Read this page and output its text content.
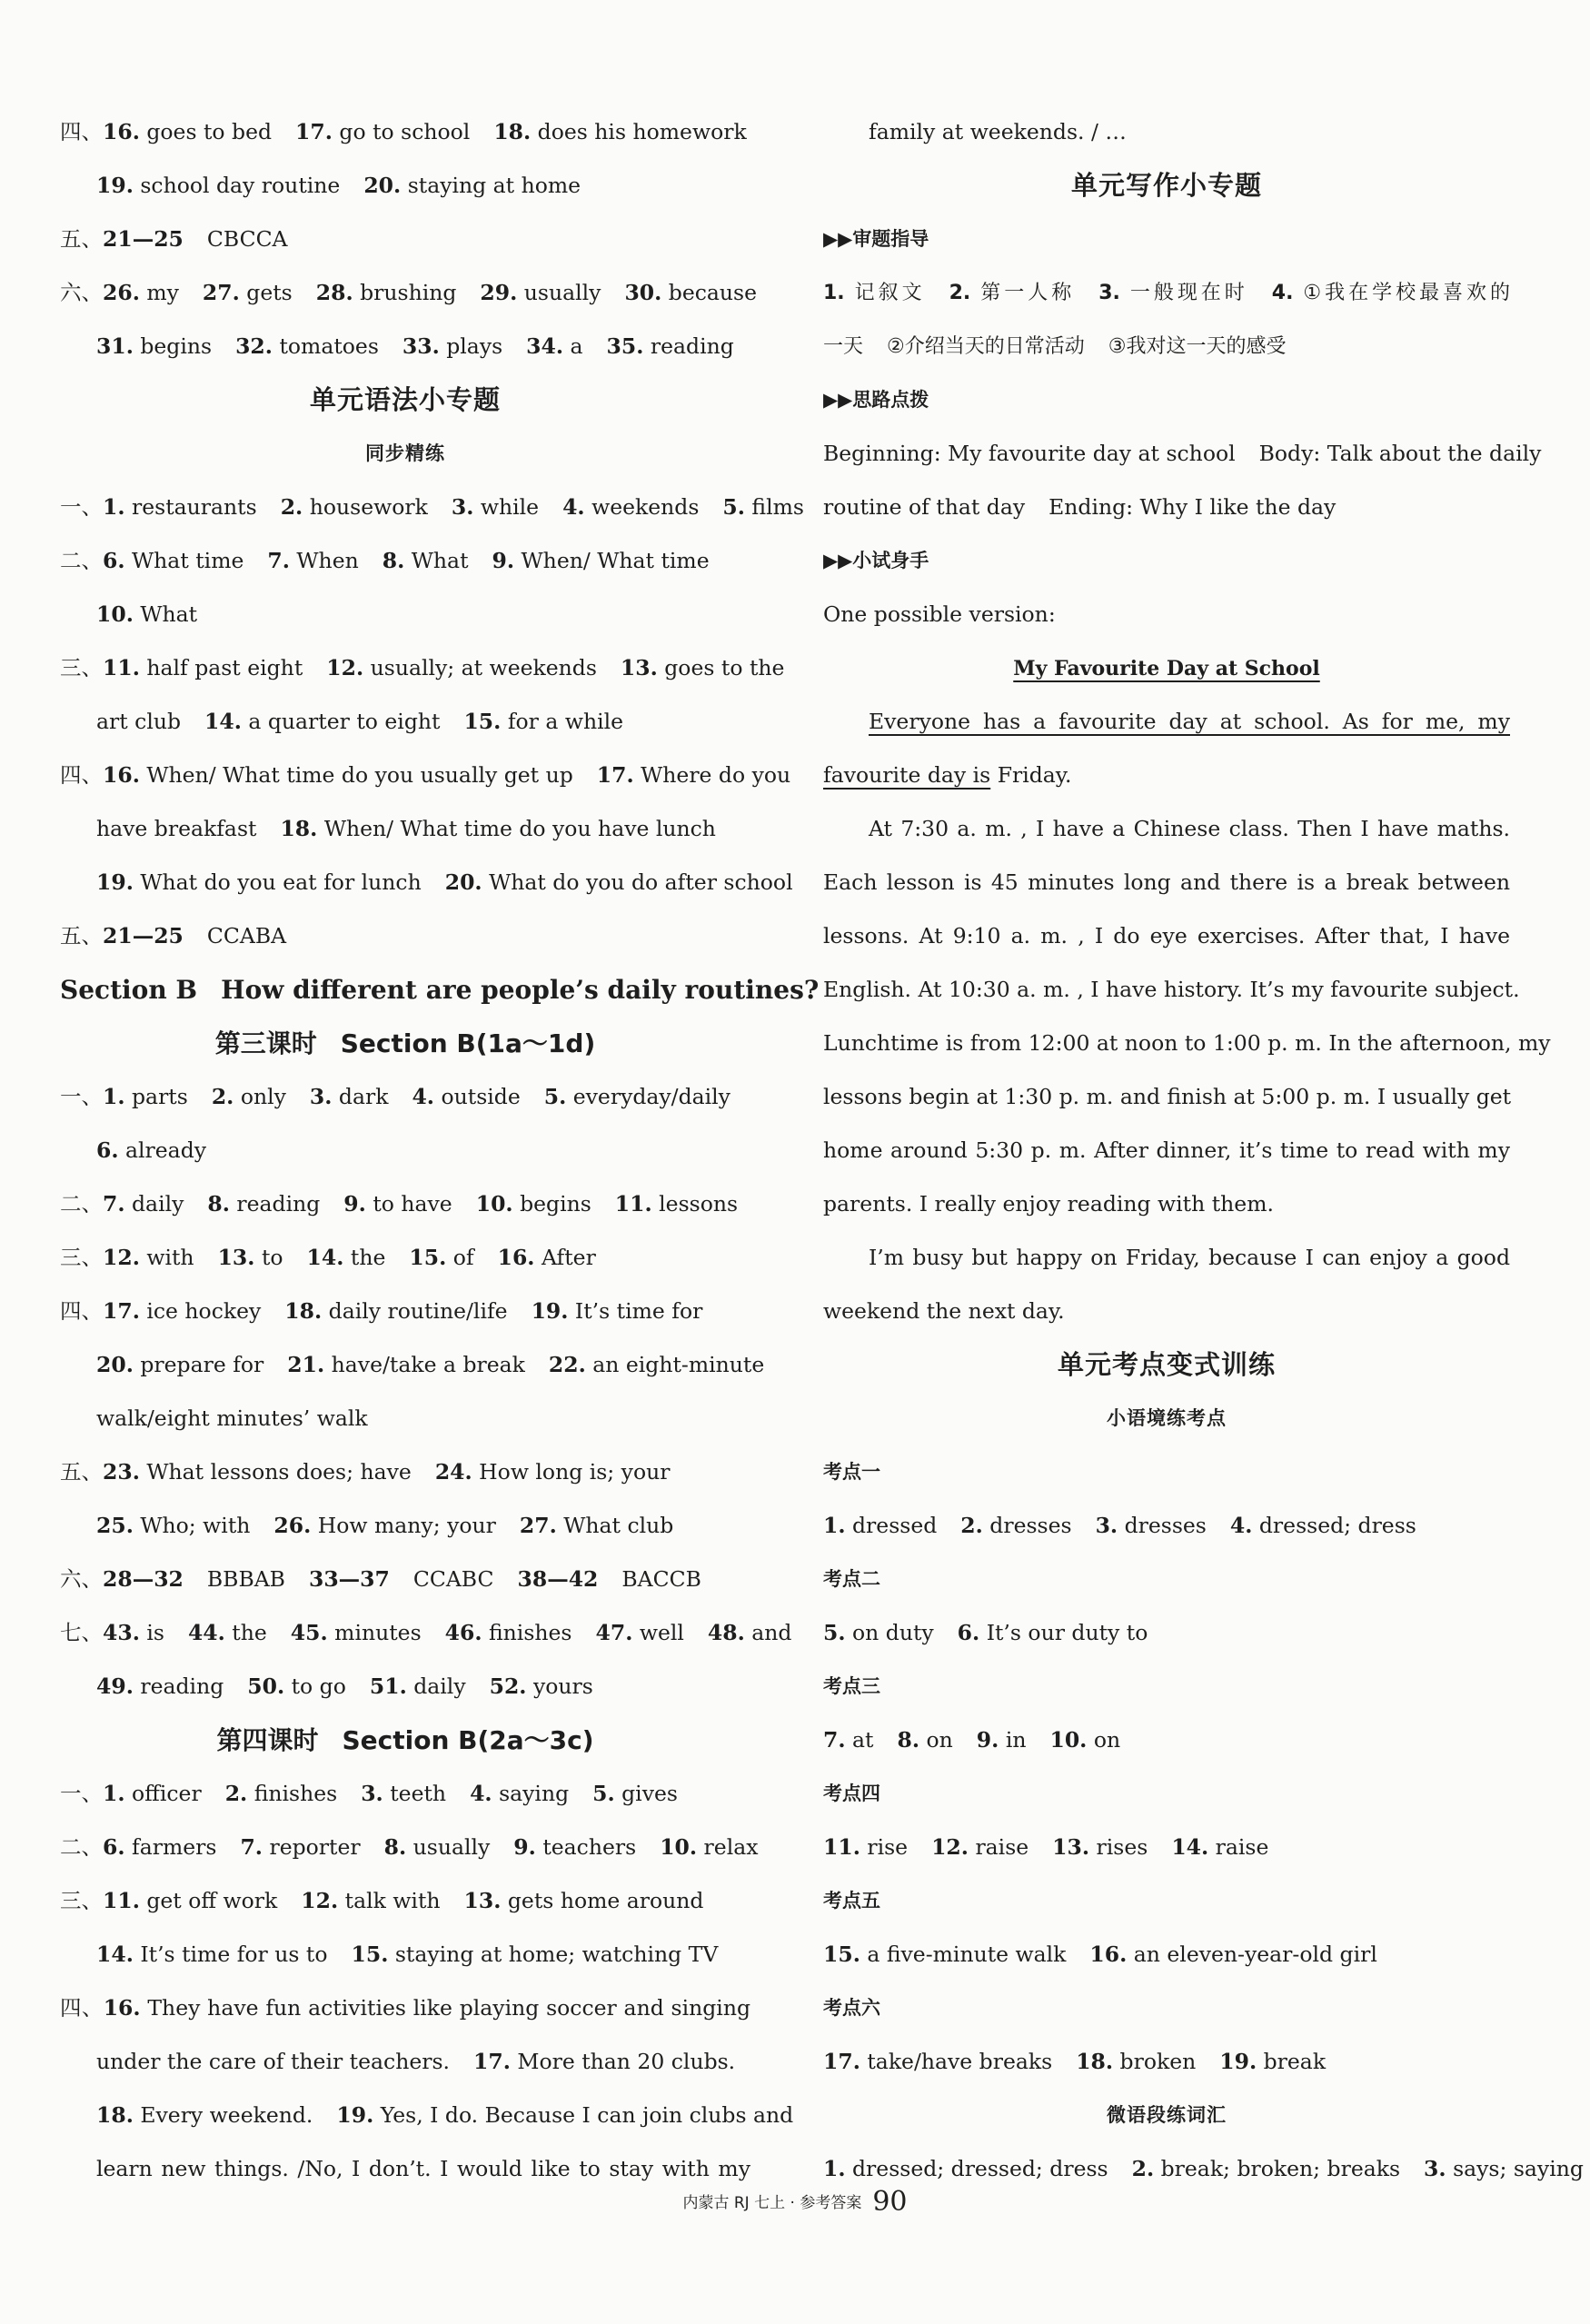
四、16. goes to bed 17. go to school 18. does his homework
19. school day routine 20. staying at home
五、21—25 CBCCA
六、26. my 27. gets 28. brushing 29. usually 30. because
31. begins 32. tomatoes 33. plays 34. a 35. reading
单元语法小专题
同步精练
一、1. restaurants 2. housework 3. while 4. weekends 5. films
二、6. What time 7. When 8. What 9. When/ What time
10. What
三、11. half past eight 12. usually; at weekends 13. goes to the
art club 14. a quarter to eight 15. for a while
四、16. When/ What time do you usually get up 17. Where do you
have breakfast 18. When/ What time do you have lunch
19. What do you eat for lunch 20. What do you do after school
五、21—25 CCABA
Section B How different are people’s daily routines?
第三课时 Section B(1a～1d)
一、1. parts 2. only 3. dark 4. outside 5. everyday/daily
6. already
二、7. daily 8. reading 9. to have 10. begins 11. lessons
三、12. with 13. to 14. the 15. of 16. After
四、17. ice hockey 18. daily routine/life 19. It’s time for
20. prepare for 21. have/take a break 22. an eight-minute
walk/eight minutes’ walk
五、23. What lessons does; have 24. How long is; your
25. Who; with 26. How many; your 27. What club
六、28—32 BBBAB 33—37 CCABC 38—42 BACCB
七、43. is 44. the 45. minutes 46. finishes 47. well 48. and
49. reading 50. to go 51. daily 52. yours
第四课时 Section B(2a～3c)
一、1. officer 2. finishes 3. teeth 4. saying 5. gives
二、6. farmers 7. reporter 8. usually 9. teachers 10. relax
三、11. get off work 12. talk with 13. gets home around
14. It’s time for us to 15. staying at home; watching TV
四、16. They have fun activities like playing soccer and singing
under the care of their teachers. 17. More than 20 clubs.
18. Every weekend. 19. Yes, I do. Because I can join clubs and
learn new things. /No, I don’t. I would like to stay with my
family at weekends. / …
单元写作小专题
▶▶审题指导
1. 记叙文 2. 第一人称 3. 一般现在时 4. ①我在学校最喜欢的
一天 ②介绍当天的日常活动 ③我对这一天的感受
▶▶思路点拨
Beginning: My favourite day at school Body: Talk about the daily
routine of that day Ending: Why I like the day
▶▶小试身手
One possible version:
My Favourite Day at School
Everyone has a favourite day at school. As for me, my
favourite day is Friday.
At 7:30 a. m. , I have a Chinese class. Then I have maths.
Each lesson is 45 minutes long and there is a break between
lessons. At 9:10 a. m. , I do eye exercises. After that, I have
English. At 10:30 a. m. , I have history. It’s my favourite subject.
Lunchtime is from 12:00 at noon to 1:00 p. m. In the afternoon, my
lessons begin at 1:30 p. m. and finish at 5:00 p. m. I usually get
home around 5:30 p. m. After dinner, it’s time to read with my
parents. I really enjoy reading with them.
I’m busy but happy on Friday, because I can enjoy a good
weekend the next day.
单元考点变式训练
小语境练考点
考点一
1. dressed 2. dresses 3. dresses 4. dressed; dress
考点二
5. on duty 6. It’s our duty to
考点三
7. at 8. on 9. in 10. on
考点四
11. rise 12. raise 13. rises 14. raise
考点五
15. a five-minute walk 16. an eleven-year-old girl
考点六
17. take/have breaks 18. broken 19. break
微语段练词汇
1. dressed; dressed; dress 2. break; broken; breaks 3. says; saying
内蒙古 RJ 七上 · 参考答案 90
